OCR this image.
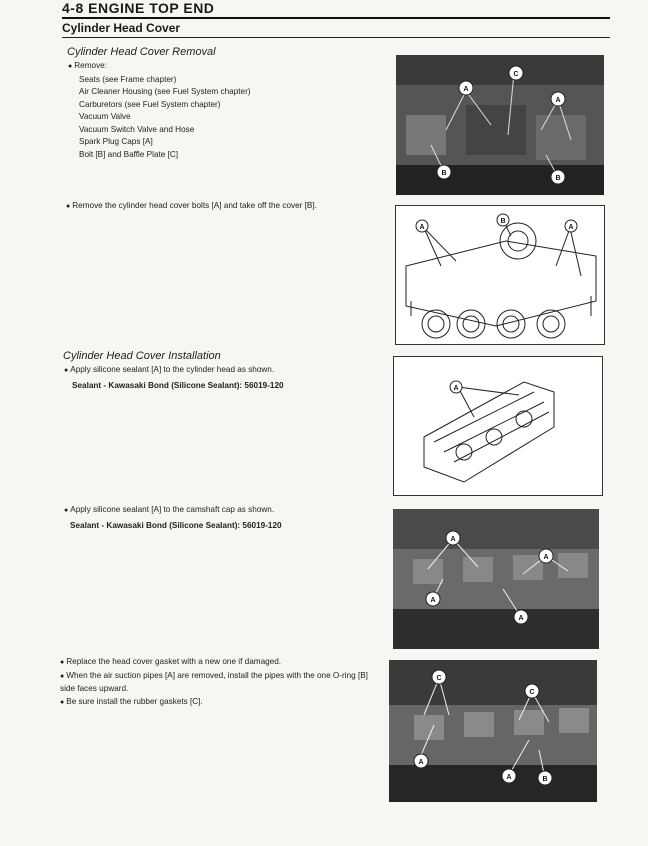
4-8 ENGINE TOP END
Cylinder Head Cover
Cylinder Head Cover Removal
● Remove:
Seats (see Frame chapter)
Air Cleaner Housing (see Fuel System chapter)
Carburetors (see Fuel System chapter)
Vacuum Valve
Vacuum Switch Valve and Hose
Spark Plug Caps [A]
Bolt [B] and Baffle Plate [C]
● Remove the cylinder head cover bolts [A] and take off the cover [B].
Cylinder Head Cover Installation
● Apply silicone sealant [A] to the cylinder head as shown.
Sealant - Kawasaki Bond (Silicone Sealant): 56019-120
● Apply silicone sealant [A] to the camshaft cap as shown.
Sealant - Kawasaki Bond (Silicone Sealant): 56019-120
● Replace the head cover gasket with a new one if damaged.
● When the air suction pipes [A] are removed, install the pipes with the one O-ring [B] side faces upward.
● Be sure install the rubber gaskets [C].
A
C
A
B
B
A
B
A
A
A
A
A
A
C
C
A
A	B
